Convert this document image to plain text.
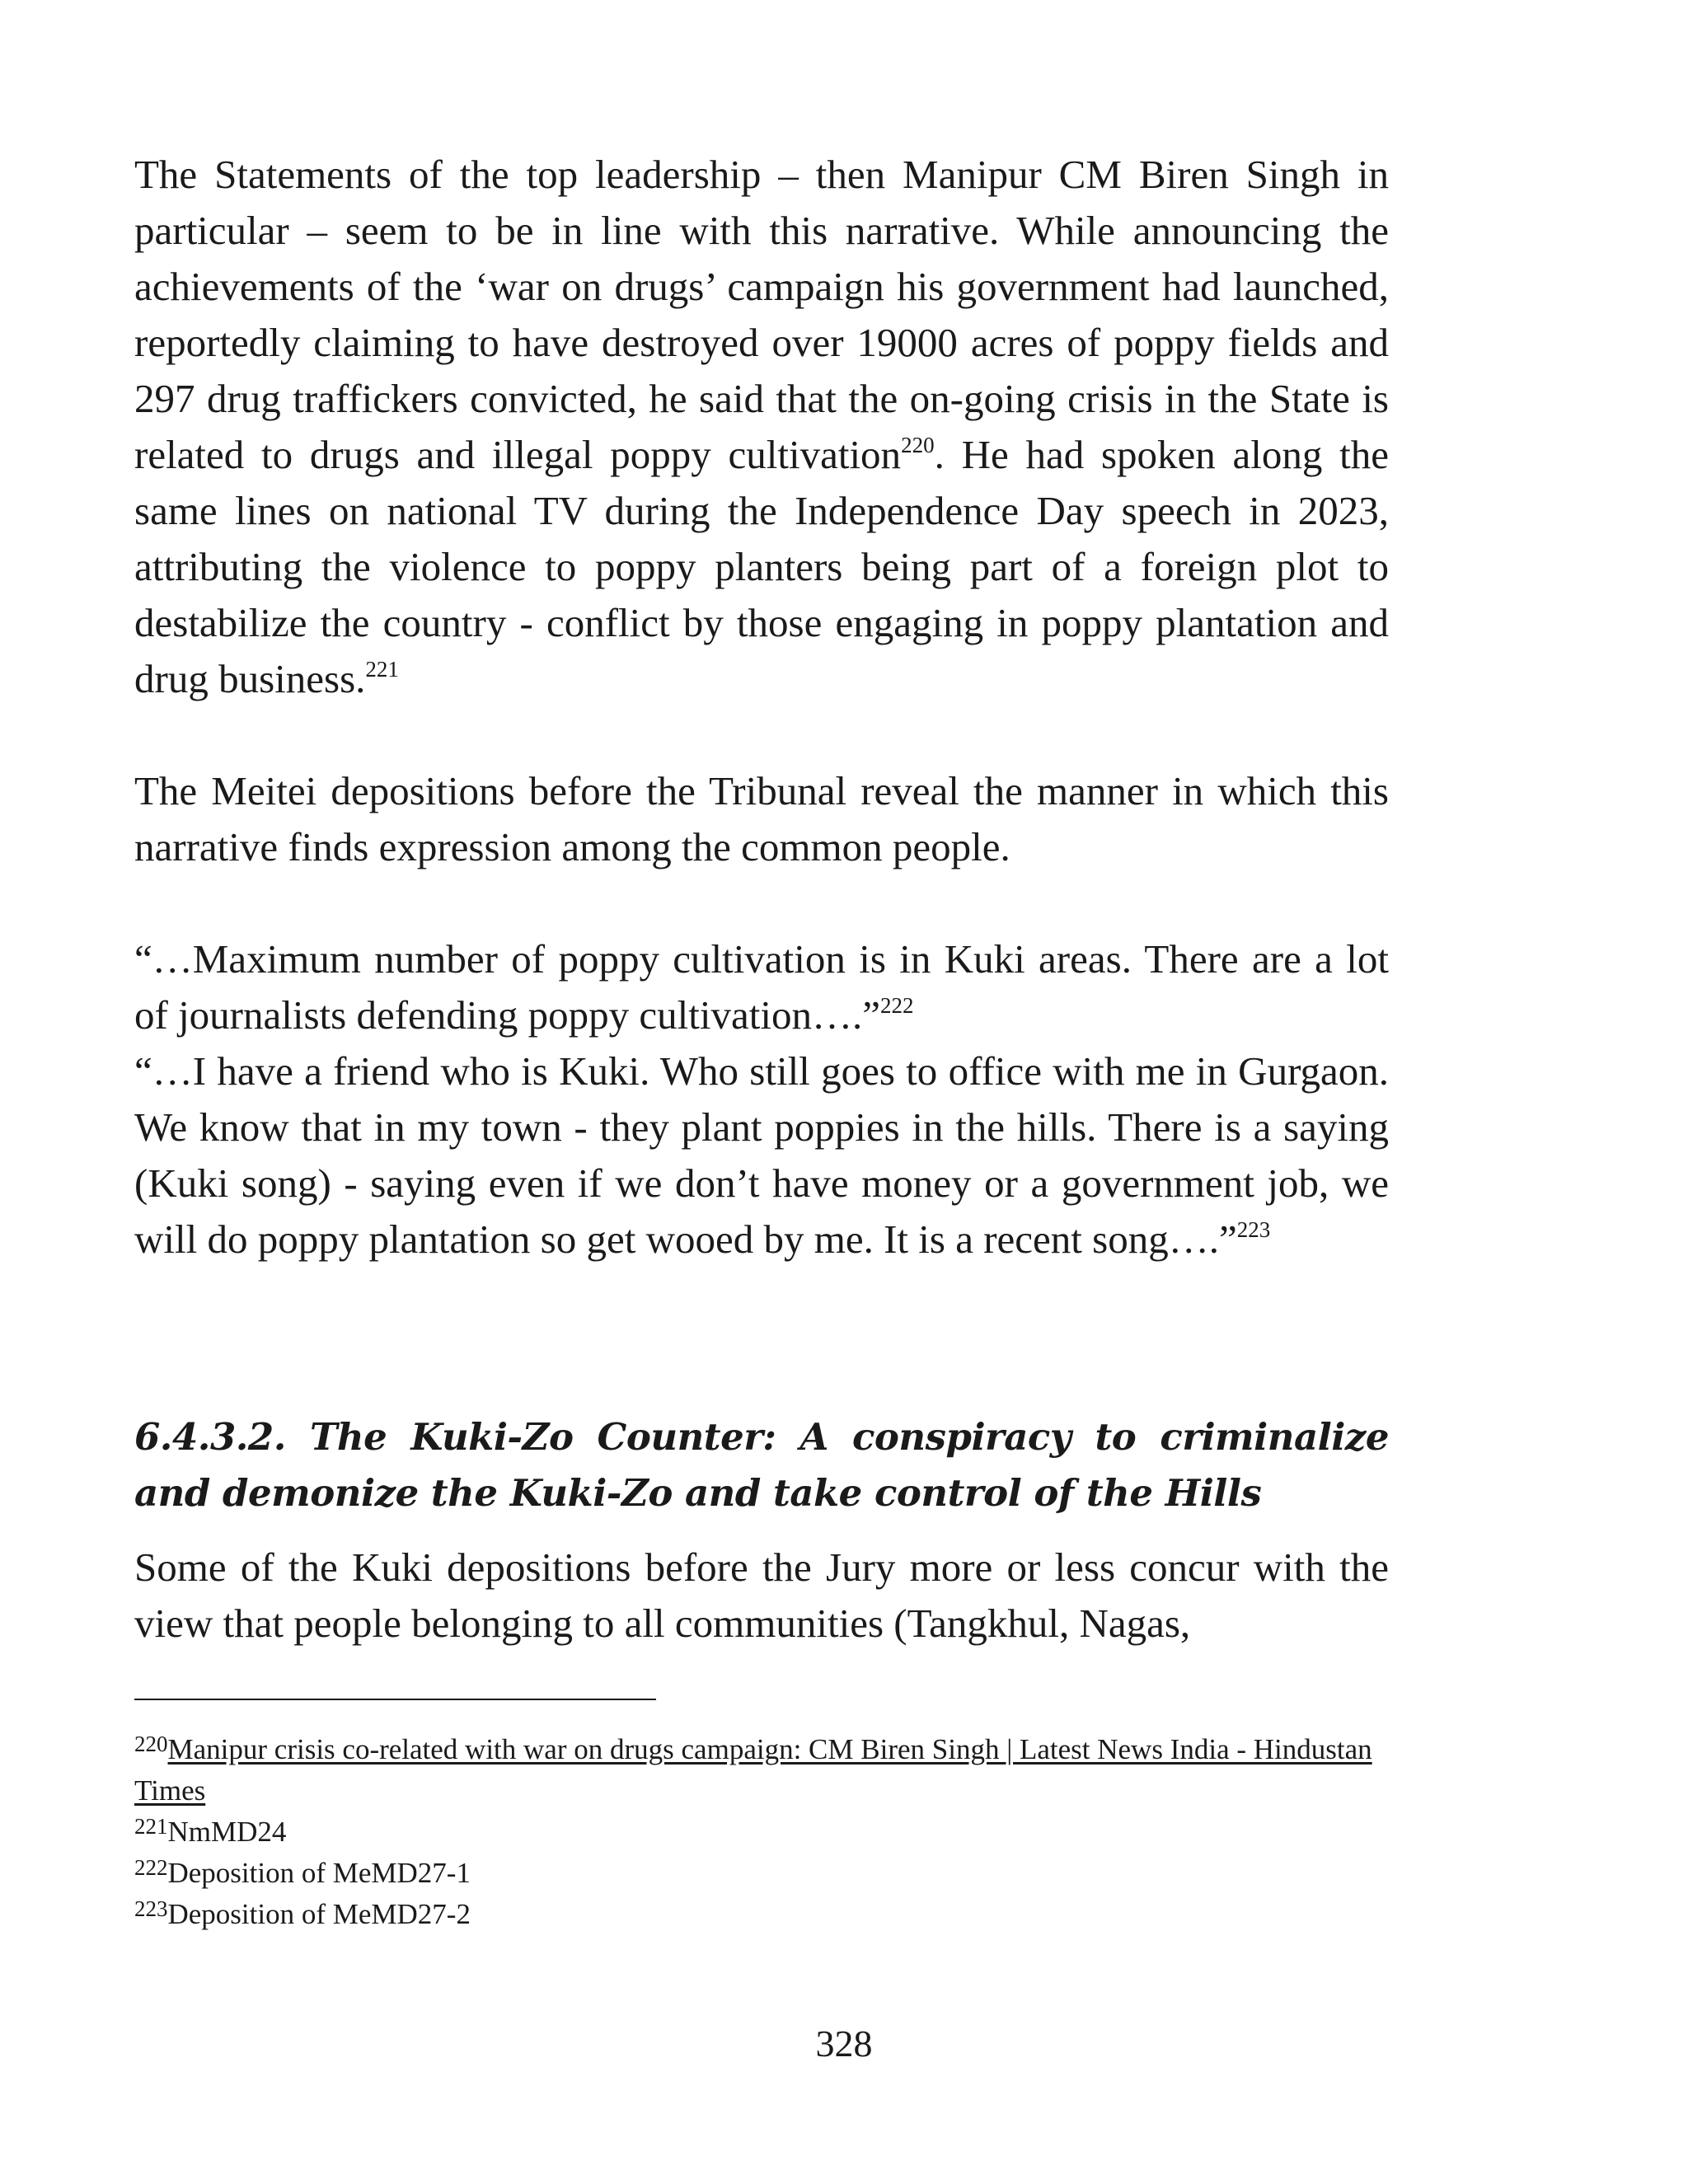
The Statements of the top leadership – then Manipur CM Biren Singh in particular – seem to be in line with this narrative. While announcing the achievements of the ‘war on drugs’ campaign his government had launched, reportedly claiming to have destroyed over 19000 acres of poppy fields and 297 drug traffickers convicted, he said that the on-going crisis in the State is related to drugs and illegal poppy cultivation$^{220}$. He had spoken along the same lines on national TV during the Independence Day speech in 2023, attributing the violence to poppy planters being part of a foreign plot to destabilize the country - conflict by those engaging in poppy plantation and drug business.$^{221}$

The Meitei depositions before the Tribunal reveal the manner in which this narrative finds expression among the common people.

“…Maximum number of poppy cultivation is in Kuki areas. There are a lot of journalists defending poppy cultivation….”$^{222}$

“…I have a friend who is Kuki. Who still goes to office with me in Gurgaon. We know that in my town - they plant poppies in the hills. There is a saying (Kuki song) - saying even if we don’t have money or a government job, we will do poppy plantation so get wooed by me. It is a recent song….”$^{223}$

6.4.3.2. The Kuki-Zo Counter: A conspiracy to criminalize and demonize the Kuki-Zo and take control of the Hills

Some of the Kuki depositions before the Jury more or less concur with the view that people belonging to all communities (Tangkhul, Nagas,

$^{220}$Manipur crisis co-related with war on drugs campaign: CM Biren Singh | Latest News India - Hindustan Times

$^{221}$NmMD24

$^{222}$Deposition of MeMD27-1

$^{223}$Deposition of MeMD27-2

328
